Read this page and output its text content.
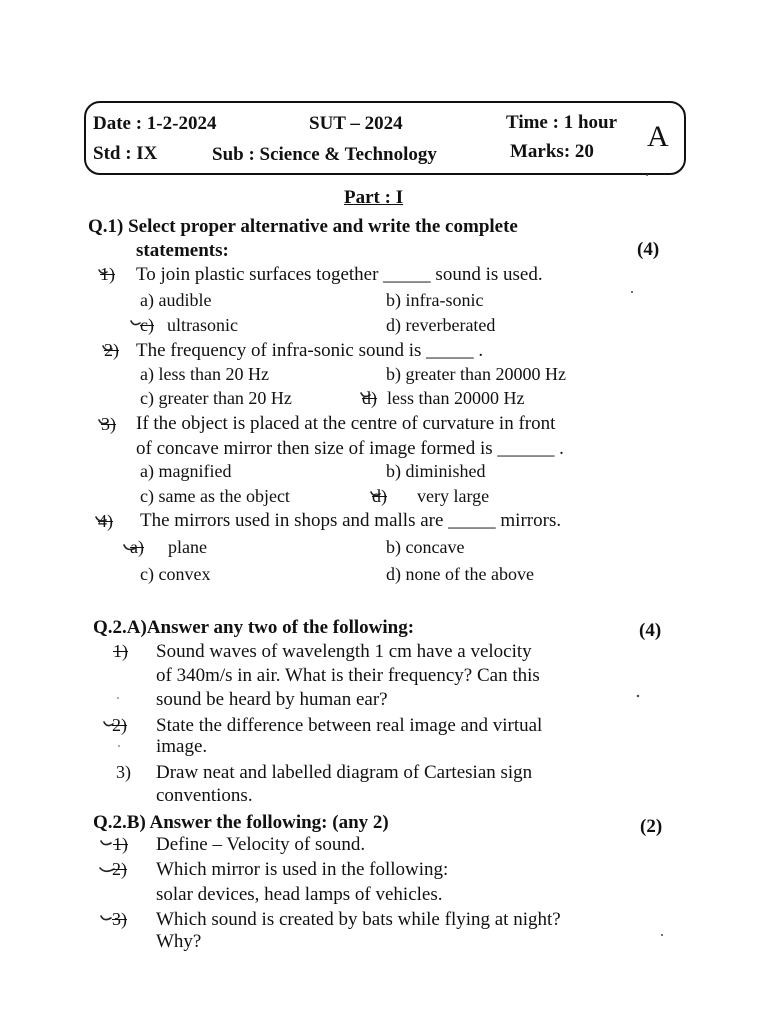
Date : 1-2-2024	SUT – 2024	Time : 1 hour
Std : IX	Sub : Science & Technology	Marks: 20 A
Part : I
Q.1) Select proper alternative and write the complete
statements:	(4)
1) To join plastic surfaces together _____ sound is used.
a) audible	b) infra-sonic
c) ultrasonic	d) reverberated
2) The frequency of infra-sonic sound is _____ .
a) less than 20 Hz	b) greater than 20000 Hz
c) greater than 20 Hz	d) less than 20000 Hz
3) If the object is placed at the centre of curvature in front
of concave mirror then size of image formed is ______ .
a) magnified	b) diminished
c) same as the object	d) very large
4) The mirrors used in shops and malls are _____ mirrors.
a) plane	b) concave
c) convex	d) none of the above
Q.2.A)Answer any two of the following:	(4)
1) Sound waves of wavelength 1 cm have a velocity
of 340m/s in air. What is their frequency? Can this
sound be heard by human ear?
2) State the difference between real image and virtual
image.
3) Draw neat and labelled diagram of Cartesian sign
conventions.
Q.2.B) Answer the following: (any 2)	(2)
1) Define – Velocity of sound.
2) Which mirror is used in the following:
solar devices, head lamps of vehicles.
3) Which sound is created by bats while flying at night?
Why?
